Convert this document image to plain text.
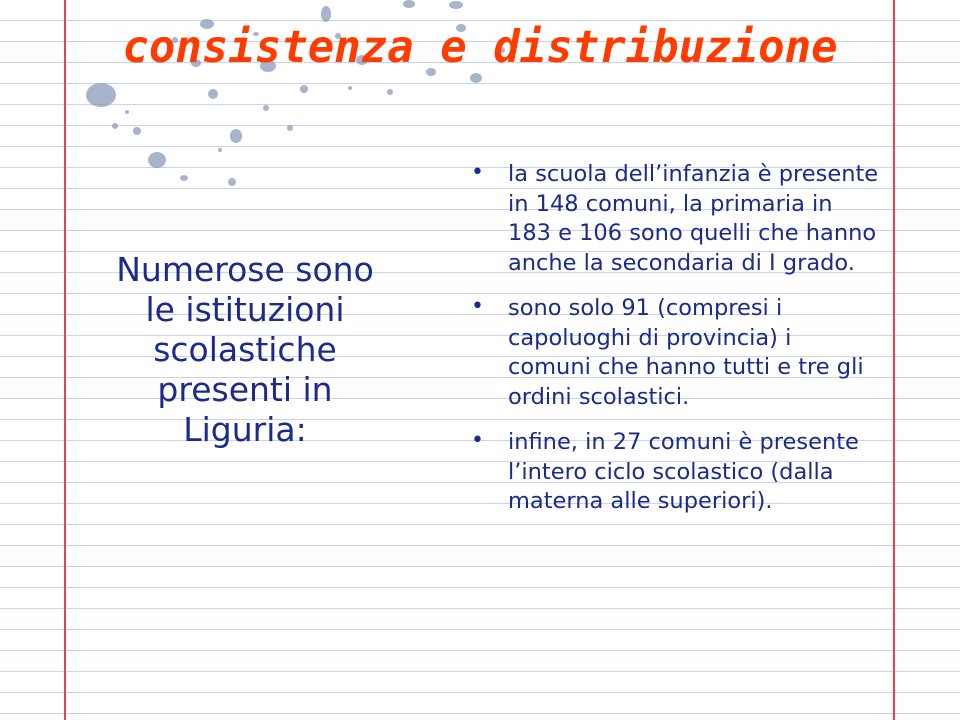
consistenza e distribuzione

Numerose sono le istituzioni scolastiche presenti in Liguria:

• la scuola dell’infanzia è presente in 148 comuni, la primaria in 183 e 106 sono quelli che hanno anche la secondaria di I grado.
• sono solo 91 (compresi i capoluoghi di provincia) i comuni che hanno tutti e tre gli ordini scolastici.
• infine, in 27 comuni è presente l’intero ciclo scolastico (dalla materna alle superiori).
